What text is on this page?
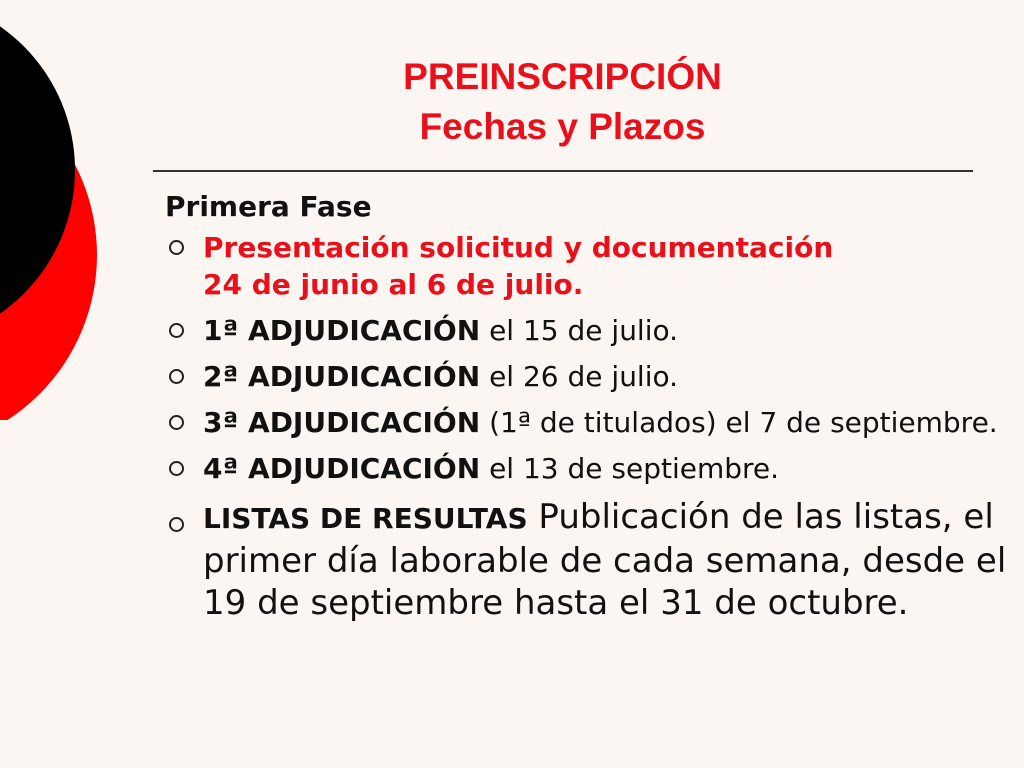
PREINSCRIPCIÓN
Fechas y Plazos
Primera Fase
Presentación solicitud y documentación
24 de junio al 6 de julio.
1ª ADJUDICACIÓN el 15 de julio.
2ª ADJUDICACIÓN el 26 de julio.
3ª ADJUDICACIÓN (1ª de titulados) el 7 de septiembre.
4ª ADJUDICACIÓN el 13 de septiembre.
LISTAS DE RESULTAS Publicación de las listas, el primer día laborable de cada semana, desde el 19 de septiembre hasta el 31 de octubre.
